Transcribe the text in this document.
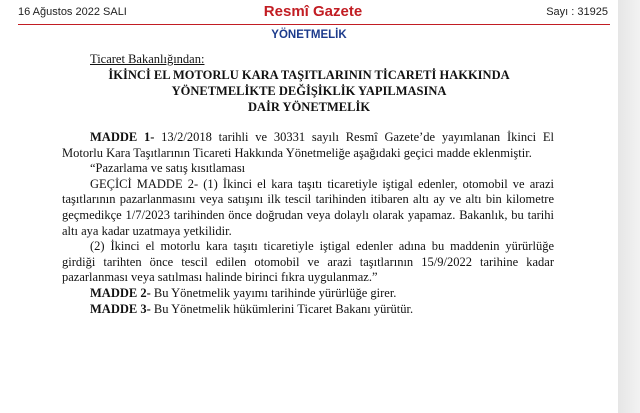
16 Ağustos 2022 SALI	Resmî Gazete	Sayı : 31925
YÖNETMELİK
Ticaret Bakanlığından:
İKİNCİ EL MOTORLU KARA TAŞITLARININ TİCARETİ HAKKINDA
YÖNETMELİKTE DEĞİŞİKLİK YAPILMASINA
DAİR YÖNETMELİK

MADDE 1- 13/2/2018 tarihli ve 30331 sayılı Resmî Gazete’de yayımlanan İkinci El Motorlu Kara Taşıtlarının Ticareti Hakkında Yönetmeliğe aşağıdaki geçici madde eklenmiştir.

“Pazarlama ve satış kısıtlaması

GEÇİCİ MADDE 2- (1) İkinci el kara taşıtı ticaretiyle iştigal edenler, otomobil ve arazi taşıtlarının pazarlanmasını veya satışını ilk tescil tarihinden itibaren altı ay ve altı bin kilometre geçmedikçe 1/7/2023 tarihinden önce doğrudan veya dolaylı olarak yapamaz. Bakanlık, bu tarihi altı aya kadar uzatmaya yetkilidir.

(2) İkinci el motorlu kara taşıtı ticaretiyle iştigal edenler adına bu maddenin yürürlüğe girdiği tarihten önce tescil edilen otomobil ve arazi taşıtlarının 15/9/2022 tarihine kadar pazarlanması veya satılması halinde birinci fıkra uygulanmaz.”

MADDE 2- Bu Yönetmelik yayımı tarihinde yürürlüğe girer.

MADDE 3- Bu Yönetmelik hükümlerini Ticaret Bakanı yürütür.
